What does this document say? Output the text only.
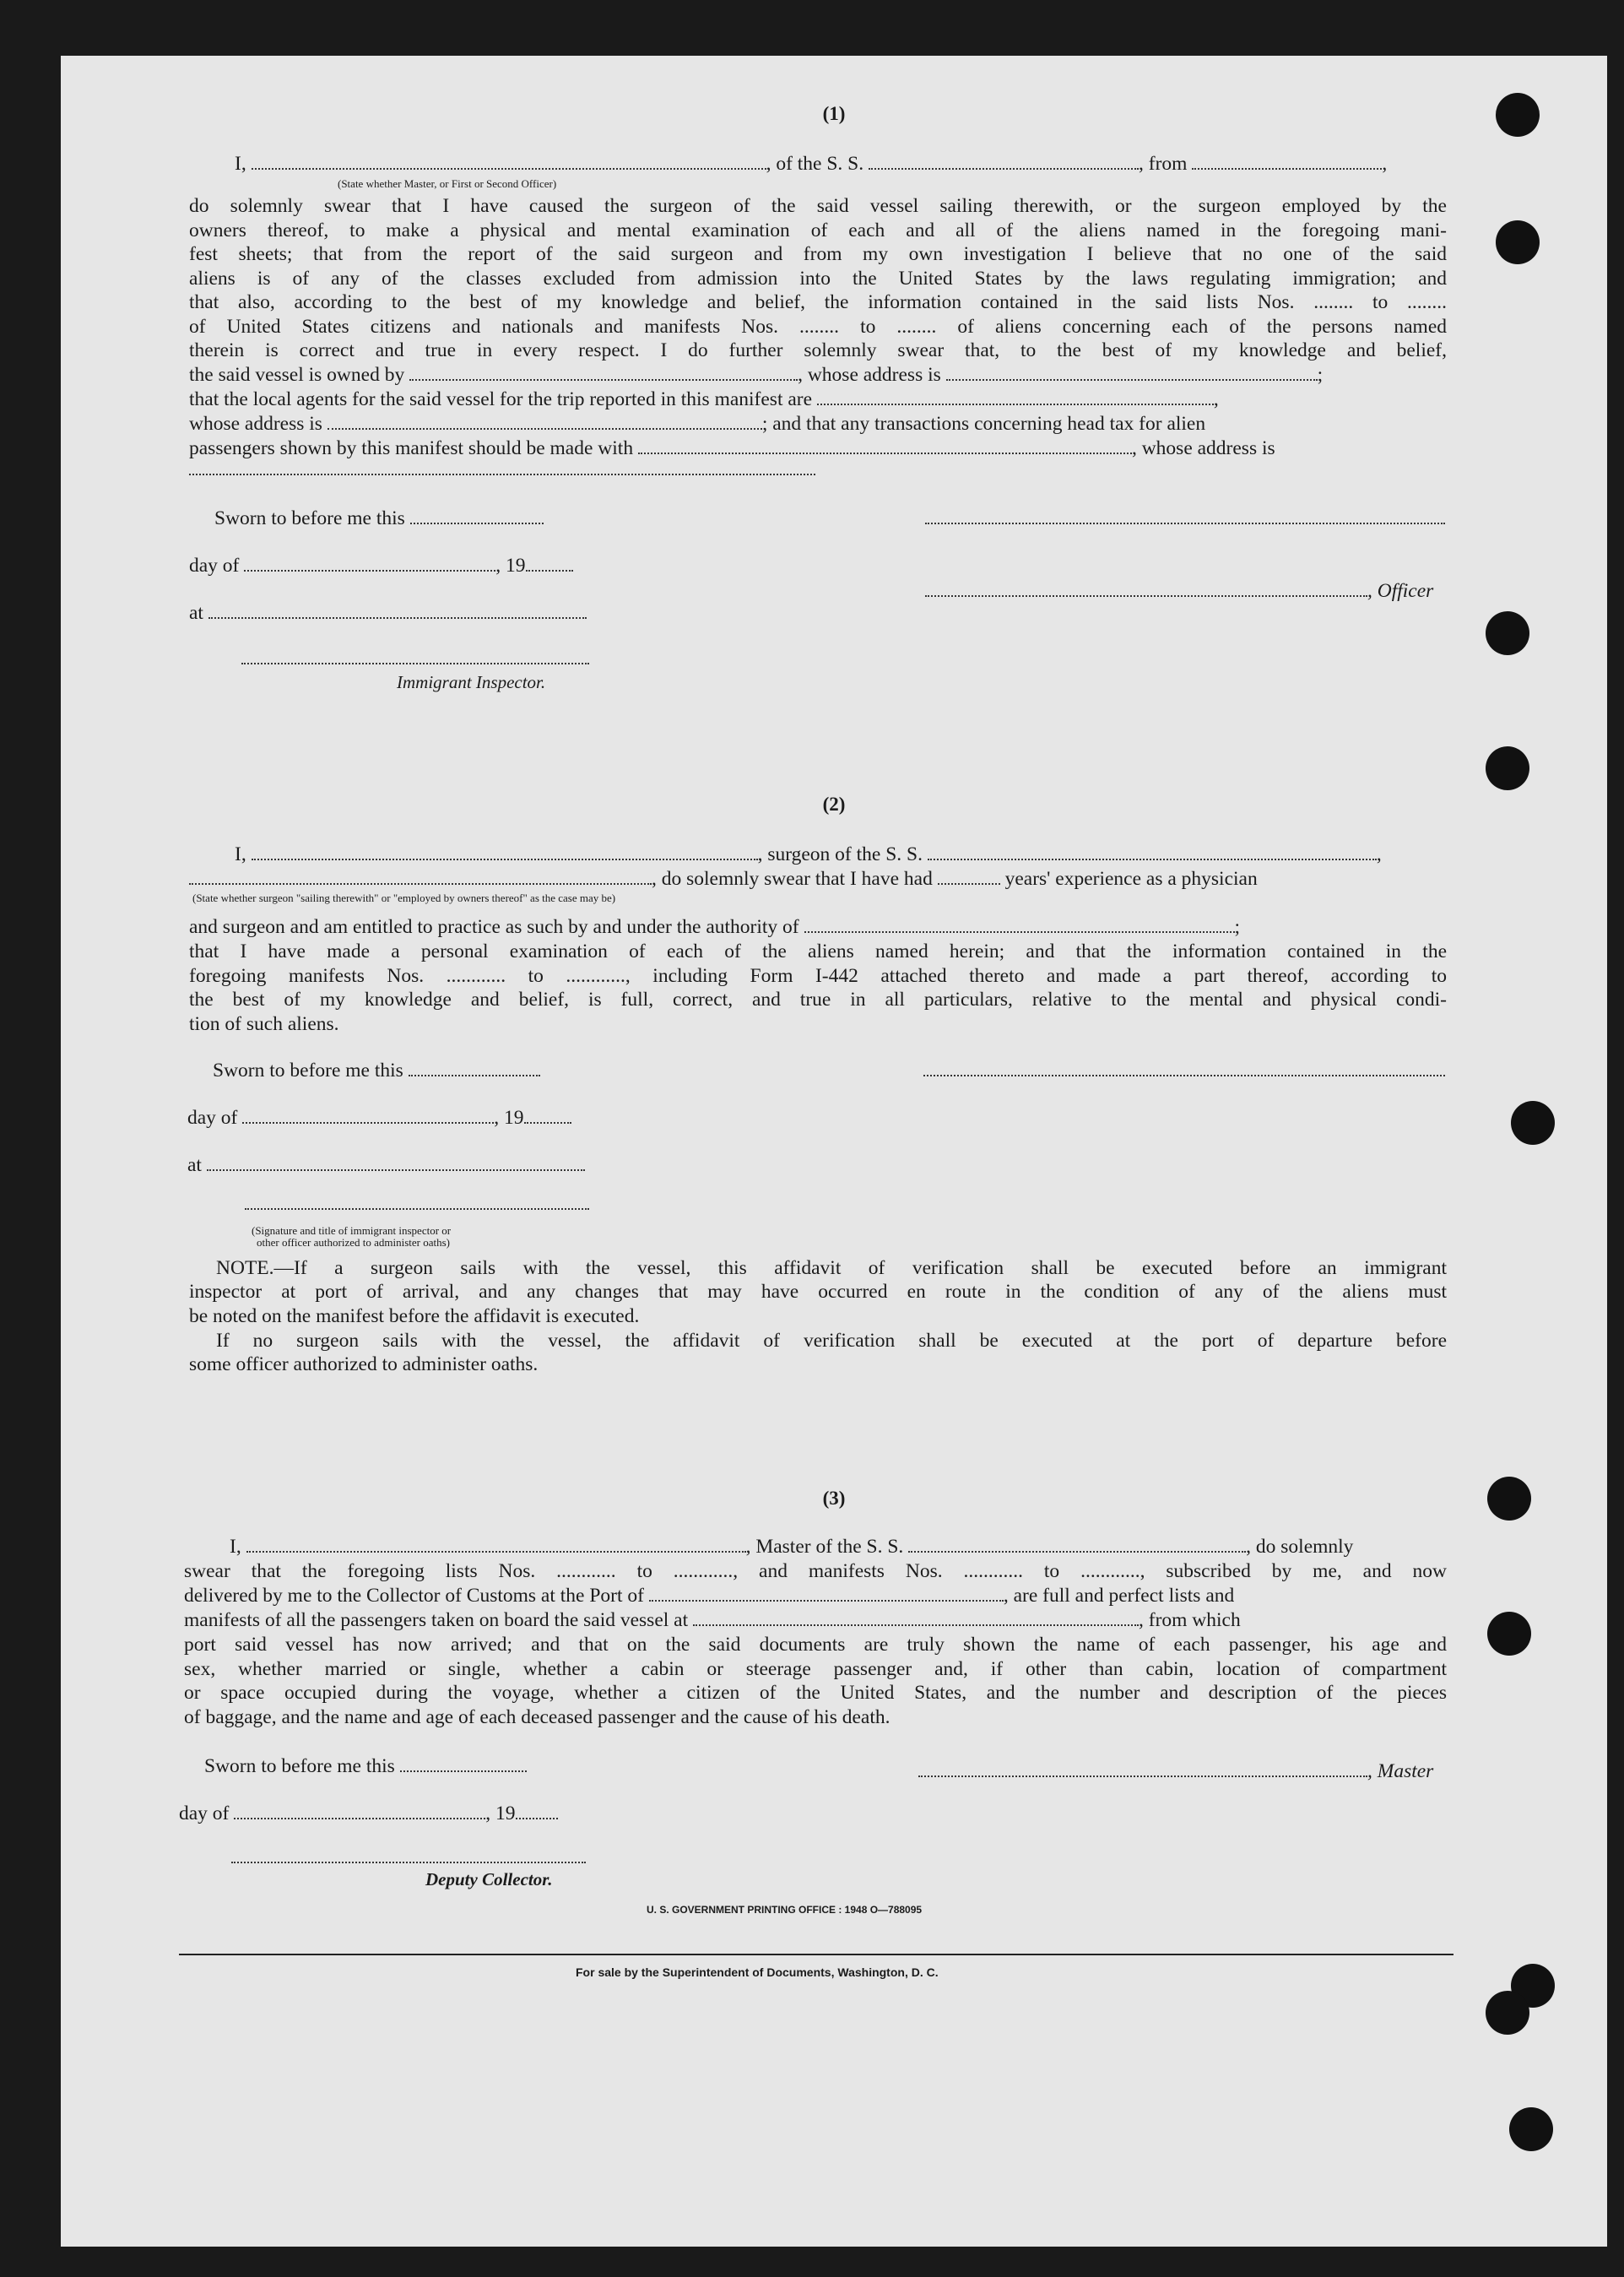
(1)
I,	, of the S. S.	, from	,
(State whether Master, or First or Second Officer)
do solemnly swear that I have caused the surgeon of the said vessel sailing therewith, or the surgeon employed by the
owners thereof, to make a physical and mental examination of each and all of the aliens named in the foregoing mani-
fest sheets; that from the report of the said surgeon and from my own investigation I believe that no one of the said
aliens is of any of the classes excluded from admission into the United States by the laws regulating immigration; and
that also, according to the best of my knowledge and belief, the information contained in the said lists Nos. ........ to ........
of United States citizens and nationals and manifests Nos. ........ to ........ of aliens concerning each of the persons named
therein is correct and true in every respect. I do further solemnly swear that, to the best of my knowledge and belief,
the said vessel is owned by	, whose address is	;
that the local agents for the said vessel for the trip reported in this manifest are	,
whose address is	; and that any transactions concerning head tax for alien
passengers shown by this manifest should be made with	, whose address is
Sworn to before me this
day of	, 19
, Officer
at
Immigrant Inspector.
(2)
I,	, surgeon of the S. S.	,
, do solemnly swear that I have had	years' experience as a physician
(State whether surgeon "sailing therewith" or "employed by owners thereof" as the case may be)
and surgeon and am entitled to practice as such by and under the authority of	;
that I have made a personal examination of each of the aliens named herein; and that the information contained in the
foregoing manifests Nos. ............ to ............, including Form I-442 attached thereto and made a part thereof, according to
the best of my knowledge and belief, is full, correct, and true in all particulars, relative to the mental and physical condi-
tion of such aliens.
Sworn to before me this
day of	, 19
at
(Signature and title of immigrant inspector or
other officer authorized to administer oaths)
NOTE.—If a surgeon sails with the vessel, this affidavit of verification shall be executed before an immigrant
inspector at port of arrival, and any changes that may have occurred en route in the condition of any of the aliens must
be noted on the manifest before the affidavit is executed.
If no surgeon sails with the vessel, the affidavit of verification shall be executed at the port of departure before
some officer authorized to administer oaths.
(3)
I,	, Master of the S. S.	, do solemnly
swear that the foregoing lists Nos. ............ to ............, and manifests Nos. ............ to ............, subscribed by me, and now
delivered by me to the Collector of Customs at the Port of	, are full and perfect lists and
manifests of all the passengers taken on board the said vessel at	, from which
port said vessel has now arrived; and that on the said documents are truly shown the name of each passenger, his age and
sex, whether married or single, whether a cabin or steerage passenger and, if other than cabin, location of compartment
or space occupied during the voyage, whether a citizen of the United States, and the number and description of the pieces
of baggage, and the name and age of each deceased passenger and the cause of his death.
Sworn to before me this	, Master
day of	, 19
Deputy Collector.
U. S. GOVERNMENT PRINTING OFFICE : 1948 O—788095
For sale by the Superintendent of Documents, Washington, D. C.
